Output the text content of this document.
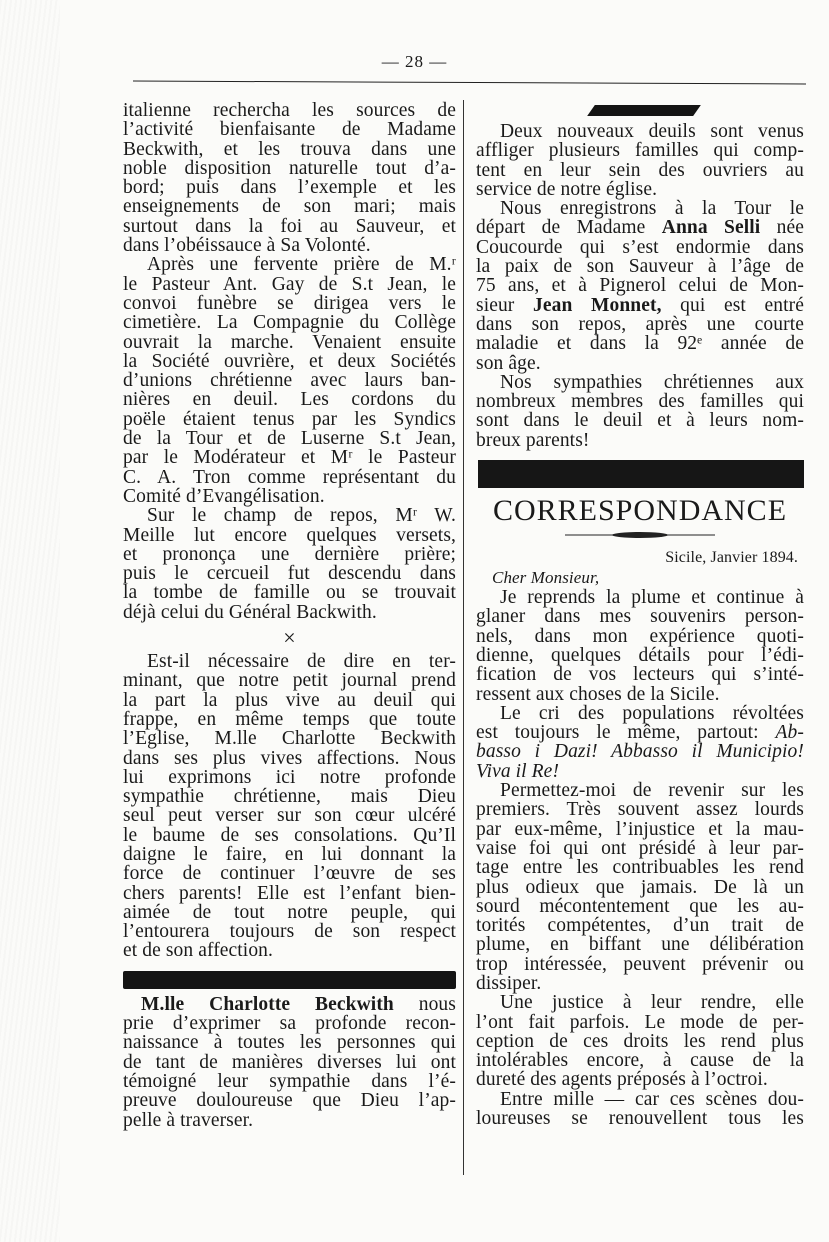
— 28 —

italienne rechercha les sources de
l’activité bienfaisante de Madame
Beckwith, et les trouva dans une
noble disposition naturelle tout d’a-
bord; puis dans l’exemple et les
enseignements de son mari; mais
surtout dans la foi au Sauveur, et
dans l’obéissauce à Sa Volonté.

Après une fervente prière de M.ʳ
le Pasteur Ant. Gay de S.t Jean, le
convoi funèbre se dirigea vers le
cimetière. La Compagnie du Collège
ouvrait la marche. Venaient ensuite
la Société ouvrière, et deux Sociétés
d’unions chrétienne avec laurs ban-
nières en deuil. Les cordons du
poële étaient tenus par les Syndics
de la Tour et de Luserne S.t Jean,
par le Modérateur et Mʳ le Pasteur
C. A. Tron comme représentant du
Comité d’Evangélisation.

Sur le champ de repos, Mʳ W.
Meille lut encore quelques versets,
et prononça une dernière prière;
puis le cercueil fut descendu dans
la tombe de famille ou se trouvait
déjà celui du Général Backwith.

×

Est-il nécessaire de dire en ter-
minant, que notre petit journal prend
la part la plus vive au deuil qui
frappe, en même temps que toute
l’Eglise, M.lle Charlotte Beckwith
dans ses plus vives affections. Nous
lui exprimons ici notre profonde
sympathie chrétienne, mais Dieu
seul peut verser sur son cœur ulcéré
le baume de ses consolations. Qu’Il
daigne le faire, en lui donnant la
force de continuer l’œuvre de ses
chers parents! Elle est l’enfant bien-
aimée de tout notre peuple, qui
l’entourera toujours de son respect
et de son affection.

M.lle Charlotte Beckwith nous
prie d’exprimer sa profonde recon-
naissance à toutes les personnes qui
de tant de manières diverses lui ont
témoigné leur sympathie dans l’é-
preuve douloureuse que Dieu l’ap-
pelle à traverser.

Deux nouveaux deuils sont venus
affliger plusieurs familles qui comp-
tent en leur sein des ouvriers au
service de notre église.

Nous enregistrons à la Tour le
départ de Madame Anna Selli née
Coucourde qui s’est endormie dans
la paix de son Sauveur à l’âge de
75 ans, et à Pignerol celui de Mon-
sieur Jean Monnet, qui est entré
dans son repos, après une courte
maladie et dans la 92ᵉ année de
son âge.

Nos sympathies chrétiennes aux
nombreux membres des familles qui
sont dans le deuil et à leurs nom-
breux parents!

CORRESPONDANCE
Sicile, Janvier 1894.
Cher Monsieur,

Je reprends la plume et continue à
glaner dans mes souvenirs person-
nels, dans mon expérience quoti-
dienne, quelques détails pour l’édi-
fication de vos lecteurs qui s’inté-
ressent aux choses de la Sicile.

Le cri des populations révoltées
est toujours le même, partout: Ab-
basso i Dazi! Abbasso il Municipio!
Viva il Re!

Permettez-moi de revenir sur les
premiers. Très souvent assez lourds
par eux-même, l’injustice et la mau-
vaise foi qui ont présidé à leur par-
tage entre les contribuables les rend
plus odieux que jamais. De là un
sourd mécontentement que les au-
torités compétentes, d’un trait de
plume, en biffant une délibération
trop intéressée, peuvent prévenir ou
dissiper.

Une justice à leur rendre, elle
l’ont fait parfois. Le mode de per-
ception de ces droits les rend plus
intolérables encore, à cause de la
dureté des agents préposés à l’octroi.

Entre mille — car ces scènes dou-
loureuses se renouvellent tous les
